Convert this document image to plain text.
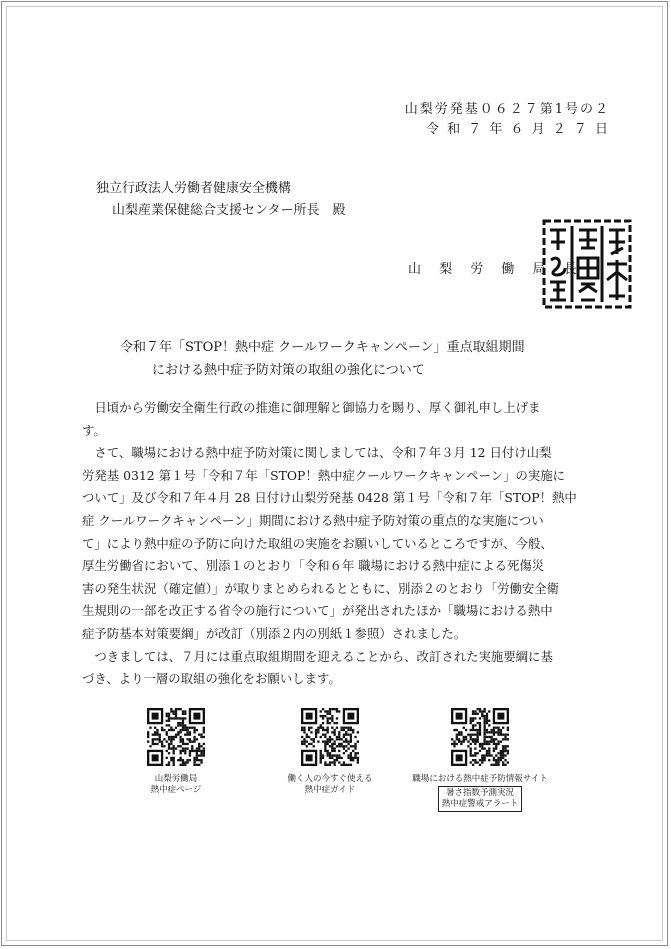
山梨労発基０６２７第1号の２
令 和 ７ 年 ６ 月 ２ ７ 日
独立行政法人労働者健康安全機構
山梨産業保健総合支援センター所長　殿
山 梨 労 働 局 長
令和７年「STOP！熱中症 クールワークキャンペーン」重点取組期間
における熱中症予防対策の取組の強化について

　日頃から労働安全衛生行政の推進に御理解と御協力を賜り、厚く御礼申し上げま

す。

　さて、職場における熱中症予防対策に関しましては、令和７年３月 12 日付け山梨

労発基 0312 第１号「令和７年「STOP！熱中症クールワークキャンペーン」の実施に

ついて」及び令和７年４月 28 日付け山梨労発基 0428 第１号「令和７年「STOP！熱中

症 クールワークキャンペーン」期間における熱中症予防対策の重点的な実施につい

て」により熱中症の予防に向けた取組の実施をお願いしているところですが、今般、

厚生労働省において、別添１のとおり「令和６年 職場における熱中症による死傷災

害の発生状況（確定値）」が取りまとめられるとともに、別添２のとおり「労働安全衛

生規則の一部を改正する省令の施行について」が発出されたほか「職場における熱中

症予防基本対策要綱」が改訂（別添２内の別紙１参照）されました。

　つきましては、７月には重点取組期間を迎えることから、改訂された実施要綱に基

づき、より一層の取組の強化をお願いします。

山梨労働局
熱中症ページ
働く人の今すぐ使える
熱中症ガイド
職場における熱中症予防情報サイト
暑さ指数予測実況
熱中症警戒アラート
